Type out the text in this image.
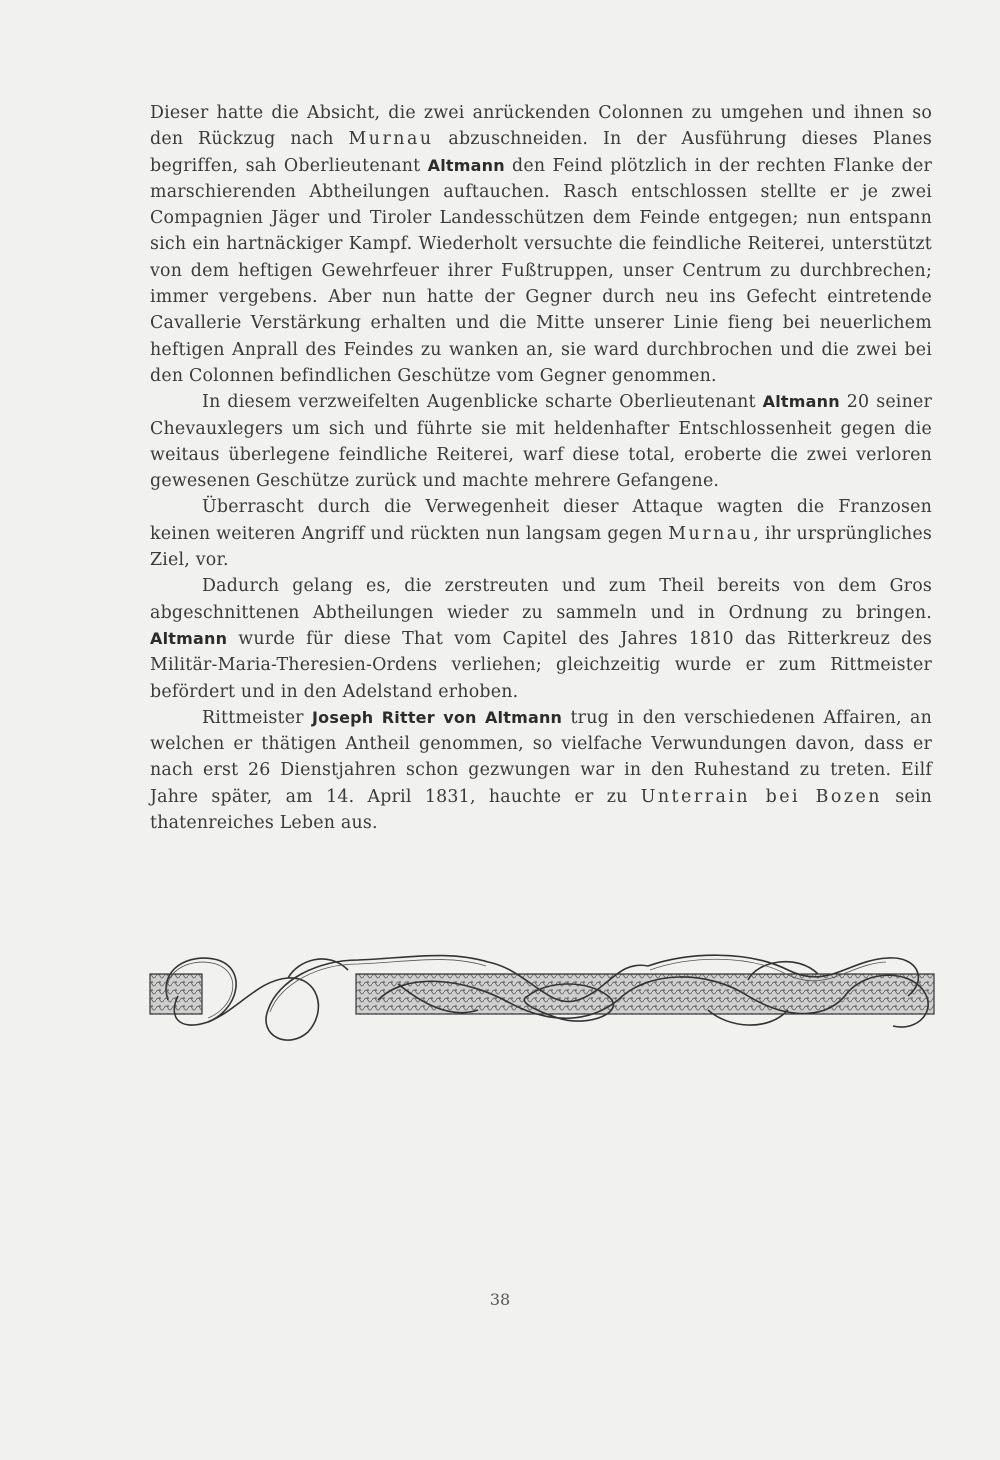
Dieser hatte die Absicht, die zwei anrückenden Colonnen zu umgehen und ihnen so den Rückzug nach Murnau abzuschneiden. In der Ausführung dieses Planes begriffen, sah Oberlieutenant Altmann den Feind plötzlich in der rechten Flanke der marschierenden Abtheilungen auftauchen. Rasch entschlossen stellte er je zwei Compagnien Jäger und Tiroler Landesschützen dem Feinde entgegen; nun entspann sich ein hartnäckiger Kampf. Wiederholt versuchte die feindliche Reiterei, unterstützt von dem heftigen Gewehrfeuer ihrer Fußtruppen, unser Centrum zu durchbrechen; immer vergebens. Aber nun hatte der Gegner durch neu ins Gefecht eintretende Cavallerie Verstärkung erhalten und die Mitte unserer Linie fieng bei neuerlichem heftigen Anprall des Feindes zu wanken an, sie ward durchbrochen und die zwei bei den Colonnen befindlichen Geschütze vom Gegner genommen.

In diesem verzweifelten Augenblicke scharte Oberlieutenant Altmann 20 seiner Chevauxlegers um sich und führte sie mit heldenhafter Entschlossenheit gegen die weitaus überlegene feindliche Reiterei, warf diese total, eroberte die zwei verloren gewesenen Geschütze zurück und machte mehrere Gefangene.

Überrascht durch die Verwegenheit dieser Attaque wagten die Franzosen keinen weiteren Angriff und rückten nun langsam gegen Murnau, ihr ursprüngliches Ziel, vor.

Dadurch gelang es, die zerstreuten und zum Theil bereits von dem Gros abgeschnittenen Abtheilungen wieder zu sammeln und in Ordnung zu bringen. Altmann wurde für diese That vom Capitel des Jahres 1810 das Ritterkreuz des Militär-Maria-Theresien-Ordens verliehen; gleichzeitig wurde er zum Rittmeister befördert und in den Adelstand erhoben.

Rittmeister Joseph Ritter von Altmann trug in den verschiedenen Affairen, an welchen er thätigen Antheil genommen, so vielfache Verwundungen davon, dass er nach erst 26 Dienstjahren schon gezwungen war in den Ruhestand zu treten. Eilf Jahre später, am 14. April 1831, hauchte er zu Unterrain bei Bozen sein thatenreiches Leben aus.

38
